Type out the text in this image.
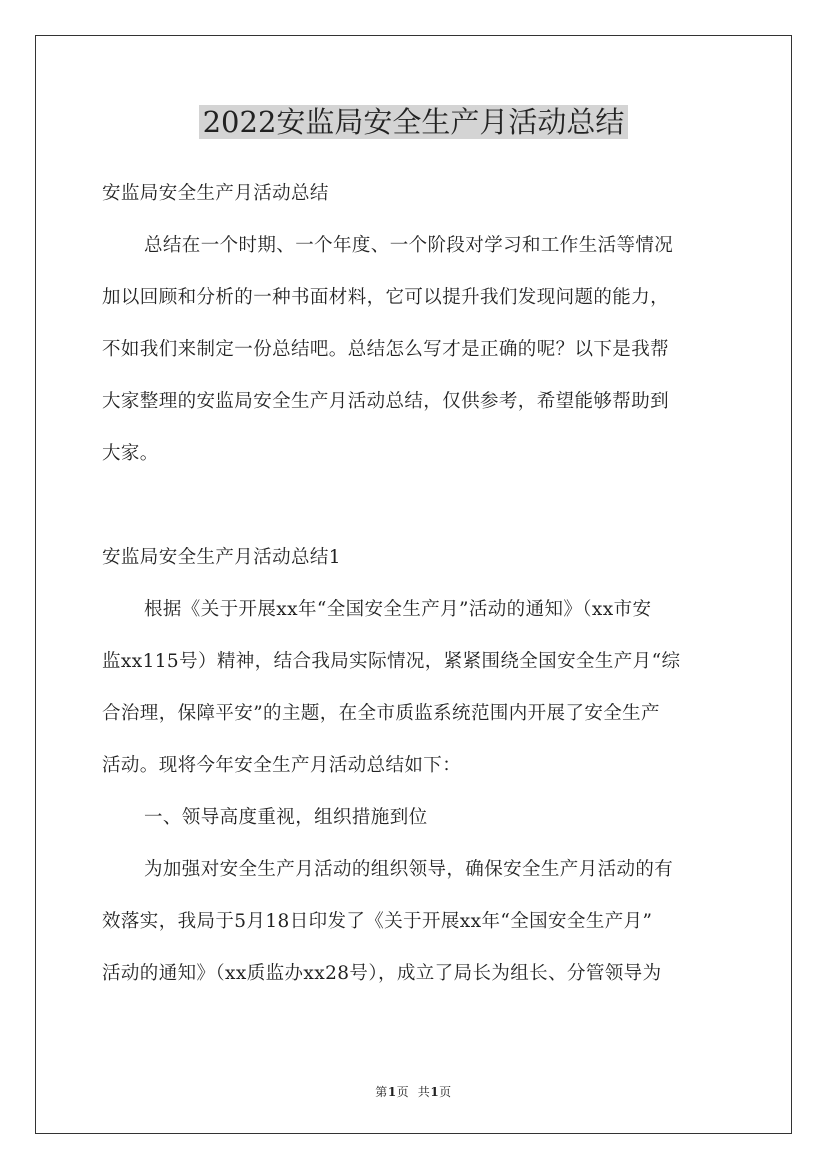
2022安监局安全生产月活动总结
安监局安全生产月活动总结
总结在一个时期、一个年度、一个阶段对学习和工作生活等情况
加以回顾和分析的一种书面材料，它可以提升我们发现问题的能力，
不如我们来制定一份总结吧。总结怎么写才是正确的呢？以下是我帮
大家整理的安监局安全生产月活动总结，仅供参考，希望能够帮助到
大家。
安监局安全生产月活动总结1
根据《关于开展xx年“全国安全生产月”活动的通知》（xx市安
监xx115号）精神，结合我局实际情况，紧紧围绕全国安全生产月“综
合治理，保障平安”的主题，在全市质监系统范围内开展了安全生产
活动。现将今年安全生产月活动总结如下：
一、领导高度重视，组织措施到位
为加强对安全生产月活动的组织领导，确保安全生产月活动的有
效落实，我局于5月18日印发了《关于开展xx年“全国安全生产月”
活动的通知》（xx质监办xx28号），成立了局长为组长、分管领导为
第1页  共1页
